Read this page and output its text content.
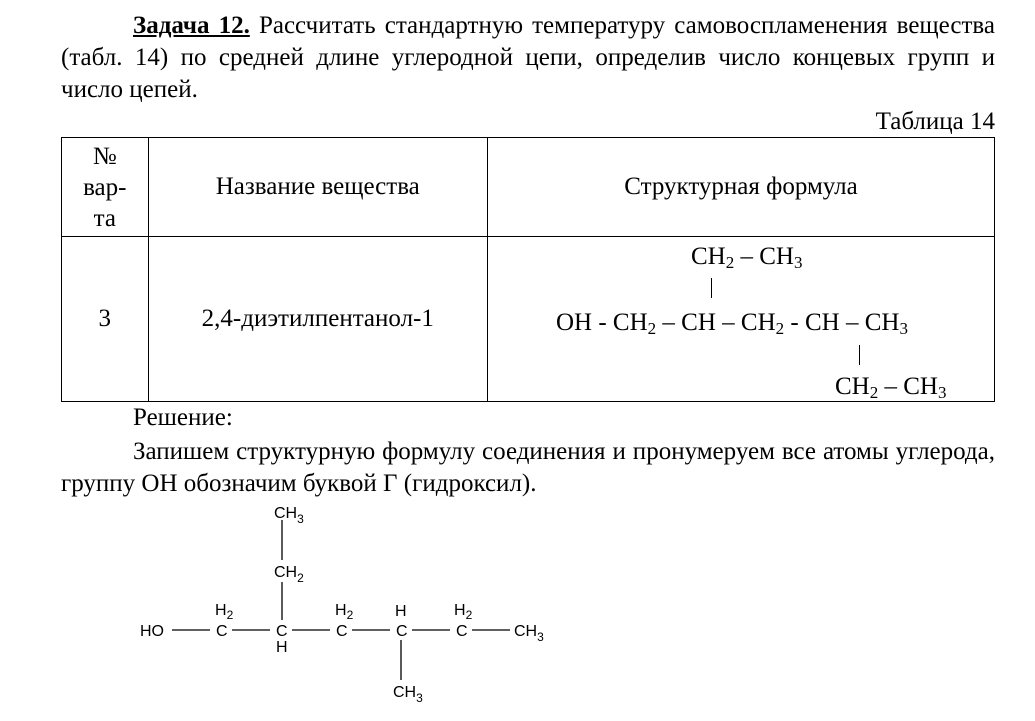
Задача 12. Рассчитать стандартную температуру самовоспламенения вещества (табл. 14) по средней длине углеродной цепи, определив число концевых групп и число цепей.
Таблица 14
№
вар-
та	Название вещества	Структурная формула
3	2,4-диэтилпентанол-1	$CH_2 - CH_3$
OH - $CH_2$ – CH – $CH_2$ - CH – $CH_3$
$CH_2 - CH_3$
Решение:
Запишем структурную формулу соединения и пронумеруем все атомы углерода, группу ОН обозначим буквой Г (гидроксил).
$CH_3$
$CH_2$
HO
$H_2$
C	C
H
$H_2$
C
H
C
$H_2$
C	$CH_3$
$CH_3$
